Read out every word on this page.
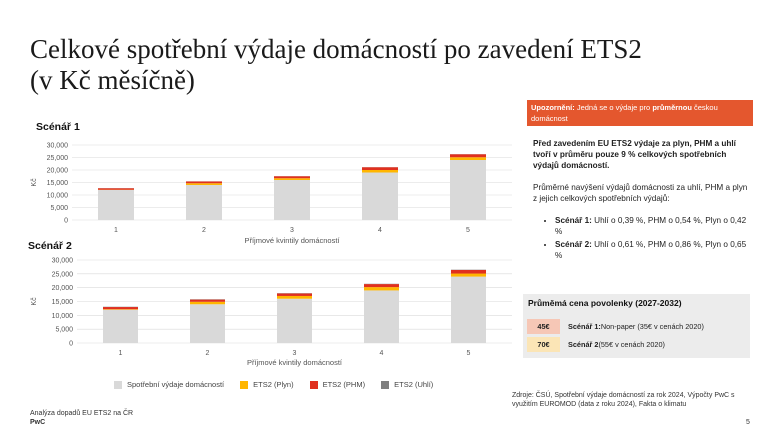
Celkové spotřební výdaje domácností po zavedení ETS2
(v Kč měsíčně)
Scénář 1
Scénář 2
0
5,000
10,000
15,000
20,000
25,000
30,000
Kč
1	2	3	4	5
Příjmové kvintily domácností
0
5,000
10,000
15,000
20,000
25,000
30,000
Kč
1	2	3	4	5
Příjmové kvintily domácností
Spotřební výdaje domácností	ETS2 (Plyn)	ETS2 (PHM)	ETS2 (Uhlí)
Upozornění: Jedná se o výdaje pro průměrnou českou domácnost

Před zavedením EU ETS2 výdaje za plyn, PHM a uhlí tvoří v průměru pouze 9 % celkových spotřebních výdajů domácností.

Průměrné navýšení výdajů domácnosti za uhlí, PHM a plyn z jejich celkových spotřebních výdajů:

• Scénář 1: Uhlí o 0,39 %, PHM o 0,54 %, Plyn o 0,42 %
• Scénář 2: Uhlí o 0,61 %, PHM o 0,86 %, Plyn o 0,65 %
Průměmá cena povolenky (2027-2032)
45€	Scénář 1: Non-paper (35€ v cenách 2020)
70€	Scénář 2 (55€ v cenách 2020)
Zdroje: ČSÚ, Spotřební výdaje domácností za rok 2024, Výpočty PwC s využitím EUROMOD (data z roku 2024), Fakta o klimatu
Analýza dopadů EU ETS2 na ČR
PwC	5
